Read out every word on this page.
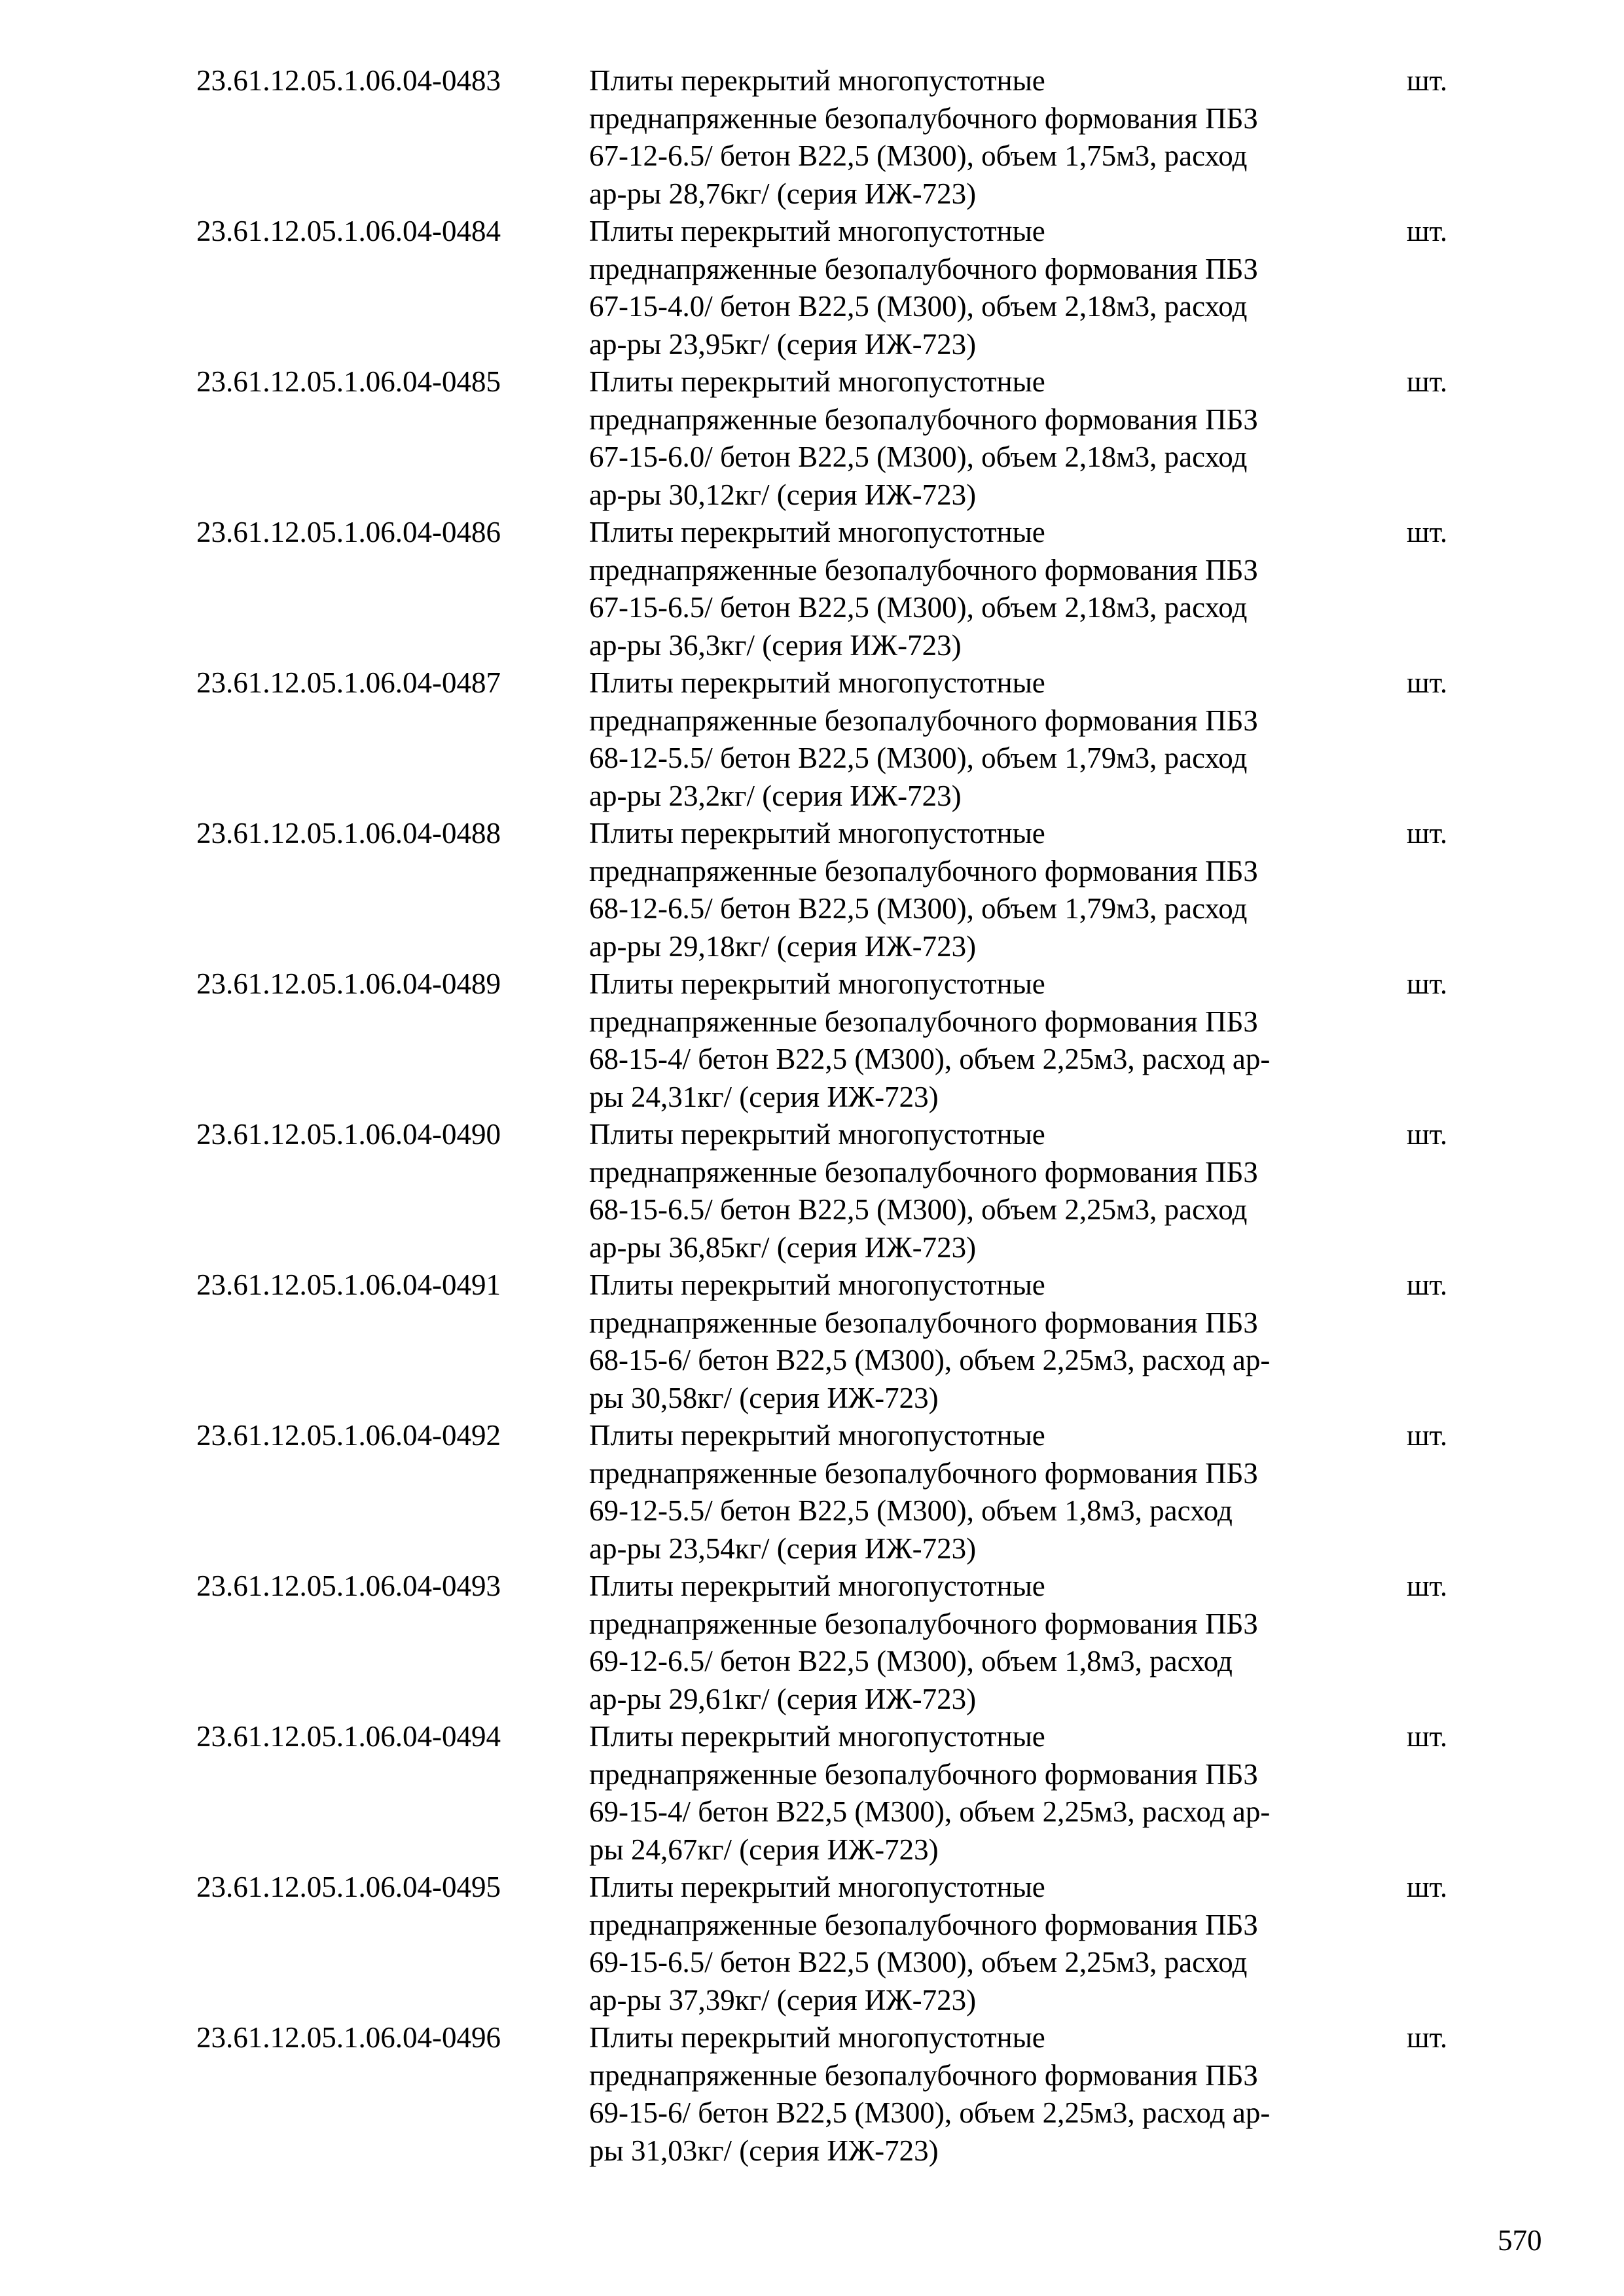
23.61.12.05.1.06.04-0483	Плиты перекрытий многопустотные
преднапряженные безопалубочного формования ПБЗ
67-12-6.5/ бетон В22,5 (М300), объем 1,75м3, расход
ар-ры 28,76кг/ (серия ИЖ-723)
шт.
23.61.12.05.1.06.04-0484	Плиты перекрытий многопустотные
преднапряженные безопалубочного формования ПБЗ
67-15-4.0/ бетон В22,5 (М300), объем 2,18м3, расход
ар-ры 23,95кг/ (серия ИЖ-723)
шт.
23.61.12.05.1.06.04-0485	Плиты перекрытий многопустотные
преднапряженные безопалубочного формования ПБЗ
67-15-6.0/ бетон В22,5 (М300), объем 2,18м3, расход
ар-ры 30,12кг/ (серия ИЖ-723)
шт.
23.61.12.05.1.06.04-0486	Плиты перекрытий многопустотные
преднапряженные безопалубочного формования ПБЗ
67-15-6.5/ бетон В22,5 (М300), объем 2,18м3, расход
ар-ры 36,3кг/ (серия ИЖ-723)
шт.
23.61.12.05.1.06.04-0487	Плиты перекрытий многопустотные
преднапряженные безопалубочного формования ПБЗ
68-12-5.5/ бетон В22,5 (М300), объем 1,79м3, расход
ар-ры 23,2кг/ (серия ИЖ-723)
шт.
23.61.12.05.1.06.04-0488	Плиты перекрытий многопустотные
преднапряженные безопалубочного формования ПБЗ
68-12-6.5/ бетон В22,5 (М300), объем 1,79м3, расход
ар-ры 29,18кг/ (серия ИЖ-723)
шт.
23.61.12.05.1.06.04-0489	Плиты перекрытий многопустотные
преднапряженные безопалубочного формования ПБЗ
68-15-4/ бетон В22,5 (М300), объем 2,25м3, расход ар-
ры 24,31кг/ (серия ИЖ-723)
шт.
23.61.12.05.1.06.04-0490	Плиты перекрытий многопустотные
преднапряженные безопалубочного формования ПБЗ
68-15-6.5/ бетон В22,5 (М300), объем 2,25м3, расход
ар-ры 36,85кг/ (серия ИЖ-723)
шт.
23.61.12.05.1.06.04-0491	Плиты перекрытий многопустотные
преднапряженные безопалубочного формования ПБЗ
68-15-6/ бетон В22,5 (М300), объем 2,25м3, расход ар-
ры 30,58кг/ (серия ИЖ-723)
шт.
23.61.12.05.1.06.04-0492	Плиты перекрытий многопустотные
преднапряженные безопалубочного формования ПБЗ
69-12-5.5/ бетон В22,5 (М300), объем 1,8м3, расход
ар-ры 23,54кг/ (серия ИЖ-723)
шт.
23.61.12.05.1.06.04-0493	Плиты перекрытий многопустотные
преднапряженные безопалубочного формования ПБЗ
69-12-6.5/ бетон В22,5 (М300), объем 1,8м3, расход
ар-ры 29,61кг/ (серия ИЖ-723)
шт.
23.61.12.05.1.06.04-0494	Плиты перекрытий многопустотные
преднапряженные безопалубочного формования ПБЗ
69-15-4/ бетон В22,5 (М300), объем 2,25м3, расход ар-
ры 24,67кг/ (серия ИЖ-723)
шт.
23.61.12.05.1.06.04-0495	Плиты перекрытий многопустотные
преднапряженные безопалубочного формования ПБЗ
69-15-6.5/ бетон В22,5 (М300), объем 2,25м3, расход
ар-ры 37,39кг/ (серия ИЖ-723)
шт.
23.61.12.05.1.06.04-0496	Плиты перекрытий многопустотные
преднапряженные безопалубочного формования ПБЗ
69-15-6/ бетон В22,5 (М300), объем 2,25м3, расход ар-
ры 31,03кг/ (серия ИЖ-723)
шт.
570
